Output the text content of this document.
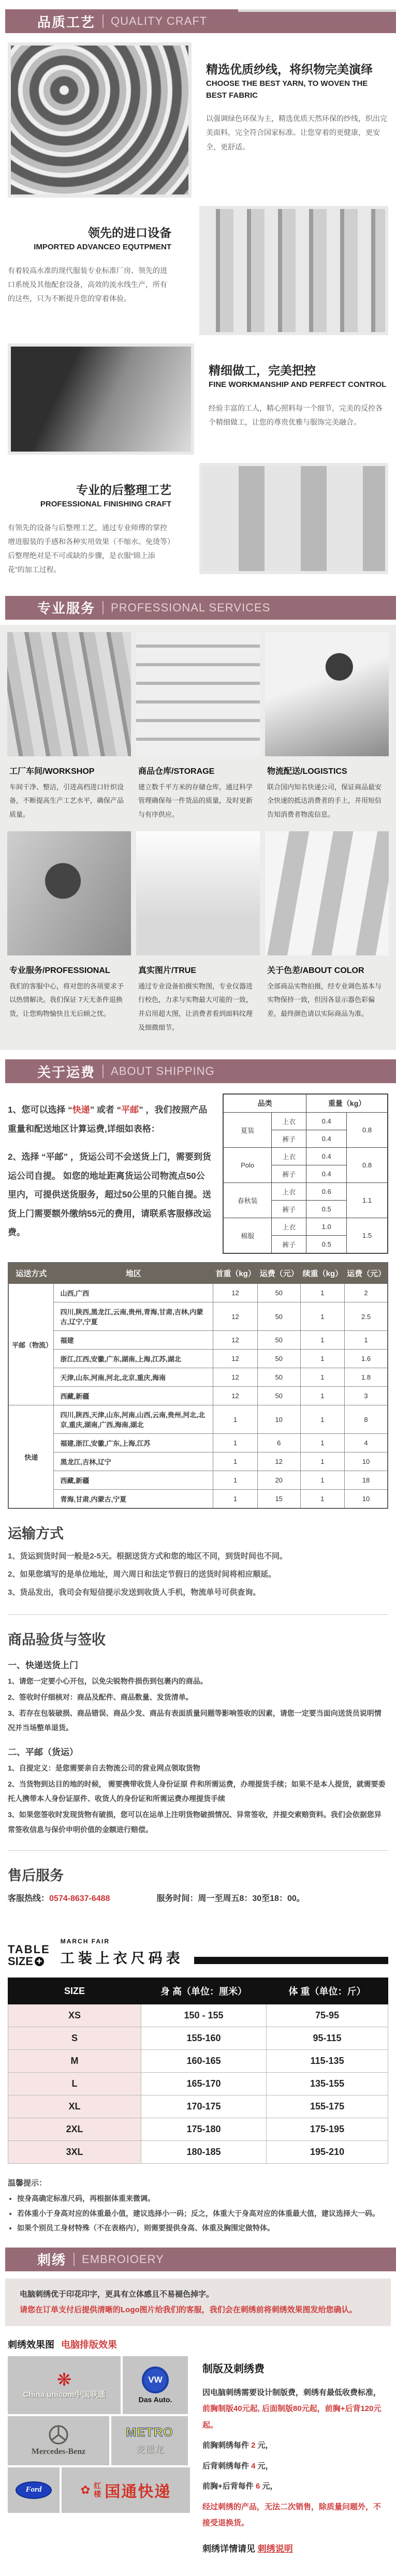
品质工艺 QUALITY CRAFT
精选优质纱线，将织物完美演绎
CHOOSE THE BEST YARN, TO WOVEN THE BEST FABRIC

以强调绿色环保为主，精选优质天然环保的纱线，织出完美面料，完全符合国家标准。让您穿着的更健康，更安全，更舒适。

领先的进口设备
IMPORTED ADVANCEO EQUTPMENT

有着较高水准的现代服装专业标准厂房、领先的进口系统及其他配套设备，高效的流水线生产，所有的这些，只为不断提升您的穿着体验。

精细做工，完美把控
FINE WORKMANSHIP AND PERFECT CONTROL

经验丰富的工人，精心照料每一个细节，完美的反控各个精细做工，让您的尊贵优雅与服饰完美融合。

专业的后整理工艺
PROFESSIONAL FINISHING CRAFT

有领先的设备与后整理工艺，通过专业师傅的掌控增进服装的手感和各种实用效果（不缩水、免烫等）后整理绝对是不可或缺的步骤，是衣服“锦上添花”的加工过程。

专业服务 PROFESSIONAL SERVICES
工厂车间/WORKSHOP

车间干净、整洁，引进高档进口针织设备，不断提高生产工艺水平，确保产品质量。

商品仓库/STORAGE

建立数千平方米的存储仓库，通过科学管理确保每一件货品的质量，及时更新与有序供应。

物流配送/LOGISTICS

联合国内知名快递公司，保证商品最安全快速的抵达消费者的手上，并用短信告知消费者物流信息。

专业服务/PROFESSIONAL

我们的客服中心，将对您的各项要求予以热情解决。我们保证 7天无条件退换货，让您购物愉快且无后顾之忧。

真实图片/TRUE

通过专业设备拍摄实物图，专业仪器进行校色，力求与实物最大可能的一致，并启用超大图，让消费者看到面料纹理及细微细节。

关于色差/ABOUT COLOR

全部商品实物拍摄，经专业调色基本与实物保持一致，但因各显示器色彩偏差，最终颜色请以实际商品为准。

关于运费 ABOUT SHIPPING

1、您可以选择 “快递” 或者 “平邮” ，我们按照产品重量和配送地区计算运费,详细如表格：

2、选择 “平邮” ，货运公司不会送货上门，需要到货运公司自提。 如您的地址距离货运公司物流点50公里内，可提供送货服务，超过50公里的只能自提。送货上门需要额外缴纳55元的费用，请联系客服修改运费。

品类		重量（kg）	
夏装	上衣	0.4	0.8
	裤子	0.4	
Polo	上衣	0.4	0.8
	裤子	0.4	
春秋装	上衣	0.6	1.1
	裤子	0.5	
棉服	上衣	1.0	1.5
	裤子	0.5	
运送方式	地区	首重（kg）	运费（元）	续重（kg）	运费（元）
平邮（物流）	山西,广西	12	50	1	2
	四川,陕西,黑龙江,云南,贵州,青海,甘肃,吉林,内蒙古,辽宁,宁夏	12	50	1	2.5
	福建	12	50	1	1
	浙江,江西,安徽,广东,湖南,上海,江苏,湖北	12	50	1	1.6
	天津,山东,河南,河北,北京,重庆,海南	12	50	1	1.8
	西藏,新疆	12	50	1	3
快递	四川,陕西,天津,山东,河南,山西,云南,贵州,河北,北京,重庆,湖南,广西,海南,湖北	1	10	1	8
	福建,浙江,安徽,广东,上海,江苏	1	6	1	4
	黑龙江,吉林,辽宁	1	12	1	10
	西藏,新疆	1	20	1	18
	青海,甘肃,内蒙古,宁夏	1	15	1	10
运输方式

1、货运到货时间一般是2-5天。根据送货方式和您的地区不同，到货时间也不同。

2、如果您填写的是单位地址，周六周日和法定节假日的送货时间将相应顺延。

3、货品发出，我司会有短信提示发送到收货人手机，物流单号可供查询。

商品验货与签收
一、快递送货上门

1、请您一定要小心开包，以免尖锐物件损伤到包裹内的商品。

2、签收时仔细核对：商品及配件、商品数量、发货清单。

3、若存在包装破损、商品错误、商品少发、商品有表面质量问题等影响签收的因素，请您一定要当面向送货员说明情况并当场整单退货。

二、平邮（货运）

1、自提定义：是您需要亲自去物流公司的营业网点领取货物

2、当货物到达目的地的时候， 需要携带收货人身份证原 件和所需运费，办理提货手续；如果不是本人提货，就需要委托人携带本人身份证原件、收货人的身份证和所需运费办理提货手续

3、如果您签收时发现货物有破损，您可以在运单上注明货物破损情况、异常签收，并提交索赔资料。我们会依据您异常签收信息与保价申明价值的金额进行赔偿。

售后服务
客服热线：0574-8637-6488	服务时间：周一至周五8：30至18：00。
TABLE
SIZE ✚
MARCH FAIR
工装上衣尺码表
SIZE	身 高（单位：厘米）	体 重（单位：斤）
XS	150 - 155	75-95
S	155-160	95-115
M	160-165	115-135
L	165-170	135-155
XL	170-175	155-175
2XL	175-180	175-195
3XL	180-185	195-210
温馨提示：
• 按身高确定标准尺码，再根据体重来微调。
• 若体重小于身高对应的体重最小值，建议选择小一码；反之，体重大于身高对应的体重最大值，建议选择大一码。
• 如果个别员工身材特殊（不在表格内），则需要提供身高、体重及胸围定做特体。
刺绣 EMBROIOERY
电脑刺绣优于印花印字，更具有立体感且不易褪色掉字。
请您在订单支付后提供清晰的Logo图片给我们的客服，我们会在刺绣前将刺绣效果图发给您确认。
刺绣效果图 电脑排版效果
❋
China unicom中国联通
VW
Das Auto.
Mercedes-Benz
METRO
麦德龙
Ford	✿ 红楼 国通快递
制版及刺绣费

因电脑刺绣需要设计制版费，刺绣有最低收费标准，前胸制版40元起, 后面制版80元起，前胸+后背120元起。

前胸刺绣每件 2 元，

后背刺绣每件 4 元，

前胸+后背每件 6 元，

经过刺绣的产品，无法二次销售，除质量问题外，不接受退换货。

刺绣详情请见 刺绣说明
